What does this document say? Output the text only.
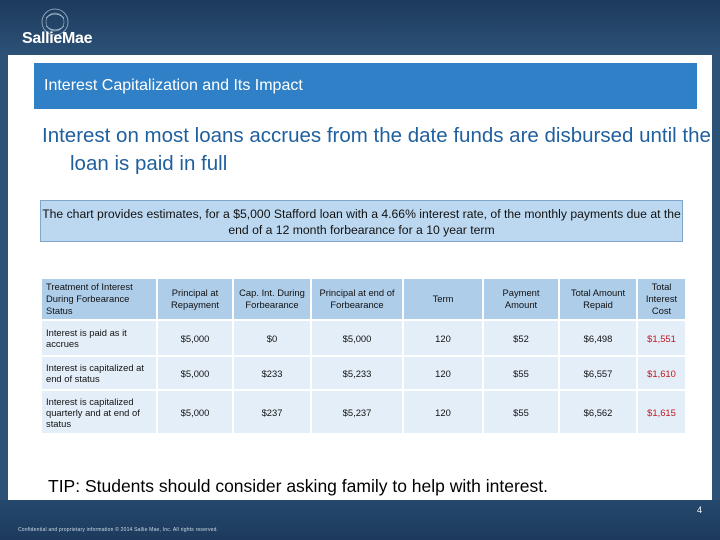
SallieMae
Interest Capitalization and Its Impact
Interest on most loans accrues from the date funds are disbursed until the loan is paid in full
The chart provides estimates, for a $5,000 Stafford loan with a 4.66% interest rate, of the monthly payments due at the end of a 12 month forbearance for a 10 year term
Treatment of Interest During Forbearance Status	Principal at Repayment	Cap. Int. During Forbearance	Principal at end of Forbearance	Term	Payment Amount	Total Amount Repaid	Total Interest Cost
Interest is paid as it accrues	$5,000	$0	$5,000	120	$52	$6,498	$1,551
Interest is capitalized at end of status	$5,000	$233	$5,233	120	$55	$6,557	$1,610
Interest is capitalized quarterly and at end of status	$5,000	$237	$5,237	120	$55	$6,562	$1,615
TIP: Students should consider asking family to help with interest.
4
Confidential and proprietary information © 2014 Sallie Mae, Inc. All rights reserved.
